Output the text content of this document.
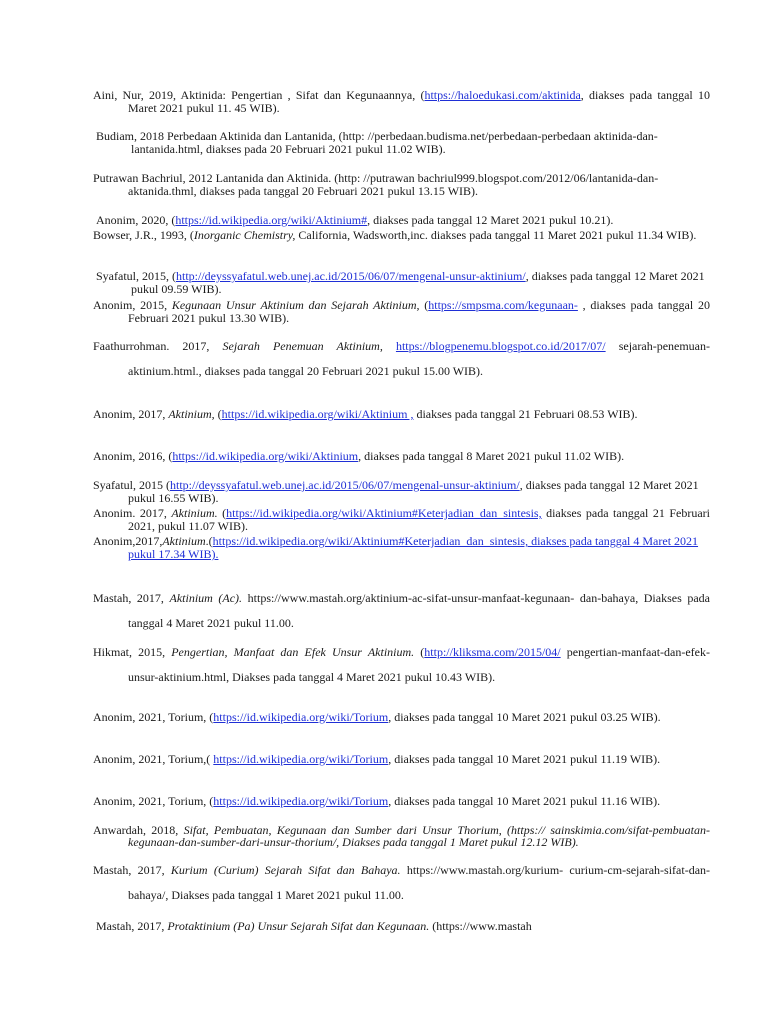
Aini, Nur, 2019, Aktinida: Pengertian , Sifat dan Kegunaannya, (https://haloedukasi.com/aktinida, diakses pada tanggal 10 Maret 2021 pukul 11. 45 WIB).
Budiam, 2018 Perbedaan Aktinida dan Lantanida, (http: //perbedaan.budisma.net/perbedaan-perbedaan aktinida-dan-lantanida.html, diakses pada 20 Februari 2021 pukul 11.02 WIB).
Putrawan Bachriul, 2012 Lantanida dan Aktinida. (http: //putrawan bachriul999.blogspot.com/2012/06/lantanida-dan-aktanida.thml, diakses pada tanggal 20 Februari 2021 pukul 13.15 WIB).
Anonim, 2020, (https://id.wikipedia.org/wiki/Aktinium#, diakses pada tanggal 12 Maret 2021 pukul 10.21).
Bowser, J.R., 1993, (Inorganic Chemistry, California, Wadsworth,inc. diakses pada tanggal 11 Maret 2021 pukul 11.34 WIB).
Syafatul, 2015, (http://deyssyafatul.web.unej.ac.id/2015/06/07/mengenal-unsur-aktinium/, diakses pada tanggal 12 Maret 2021 pukul 09.59 WIB).
Anonim, 2015, Kegunaan Unsur Aktinium dan Sejarah Aktinium, (https://smpsma.com/kegunaan- , diakses pada tanggal 20 Februari 2021 pukul 13.30 WIB).
Faathurrohman. 2017, Sejarah Penemuan Aktinium, https://blogpenemu.blogspot.co.id/2017/07/ sejarah-penemuan-aktinium.html., diakses pada tanggal 20 Februari 2021 pukul 15.00 WIB).
Anonim, 2017, Aktinium, (https://id.wikipedia.org/wiki/Aktinium , diakses pada tanggal 21 Februari 08.53 WIB).
Anonim, 2016, (https://id.wikipedia.org/wiki/Aktinium, diakses pada tanggal 8 Maret 2021 pukul 11.02 WIB).
Syafatul, 2015 (http://deyssyafatul.web.unej.ac.id/2015/06/07/mengenal-unsur-aktinium/, diakses pada tanggal 12 Maret 2021 pukul 16.55 WIB).
Anonim. 2017, Aktinium. (https://id.wikipedia.org/wiki/Aktinium#Keterjadian_dan_sintesis, diakses pada tanggal 21 Februari 2021, pukul 11.07 WIB).
Anonim,2017,Aktinium.(https://id.wikipedia.org/wiki/Aktinium#Keterjadian_dan_sintesis, diakses pada tanggal 4 Maret 2021 pukul 17.34 WIB).
Mastah, 2017, Aktinium (Ac). https://www.mastah.org/aktinium-ac-sifat-unsur-manfaat-kegunaan- dan-bahaya, Diakses pada tanggal 4 Maret 2021 pukul 11.00.
Hikmat, 2015, Pengertian, Manfaat dan Efek Unsur Aktinium. (http://kliksma.com/2015/04/ pengertian-manfaat-dan-efek-unsur-aktinium.html, Diakses pada tanggal 4 Maret 2021 pukul 10.43 WIB).
Anonim, 2021, Torium, (https://id.wikipedia.org/wiki/Torium, diakses pada tanggal 10 Maret 2021 pukul 03.25 WIB).
Anonim, 2021, Torium,( https://id.wikipedia.org/wiki/Torium, diakses pada tanggal 10 Maret 2021 pukul 11.19 WIB).
Anonim, 2021, Torium, (https://id.wikipedia.org/wiki/Torium, diakses pada tanggal 10 Maret 2021 pukul 11.16 WIB).
Anwardah, 2018, Sifat, Pembuatan, Kegunaan dan Sumber dari Unsur Thorium, (https:// sainskimia.com/sifat-pembuatan-kegunaan-dan-sumber-dari-unsur-thorium/, Diakses pada tanggal 1 Maret pukul 12.12 WIB).
Mastah, 2017, Kurium (Curium) Sejarah Sifat dan Bahaya. https://www.mastah.org/kurium- curium-cm-sejarah-sifat-dan-bahaya/, Diakses pada tanggal 1 Maret 2021 pukul 11.00.
Mastah, 2017, Protaktinium (Pa) Unsur Sejarah Sifat dan Kegunaan. (https://www.mastah
